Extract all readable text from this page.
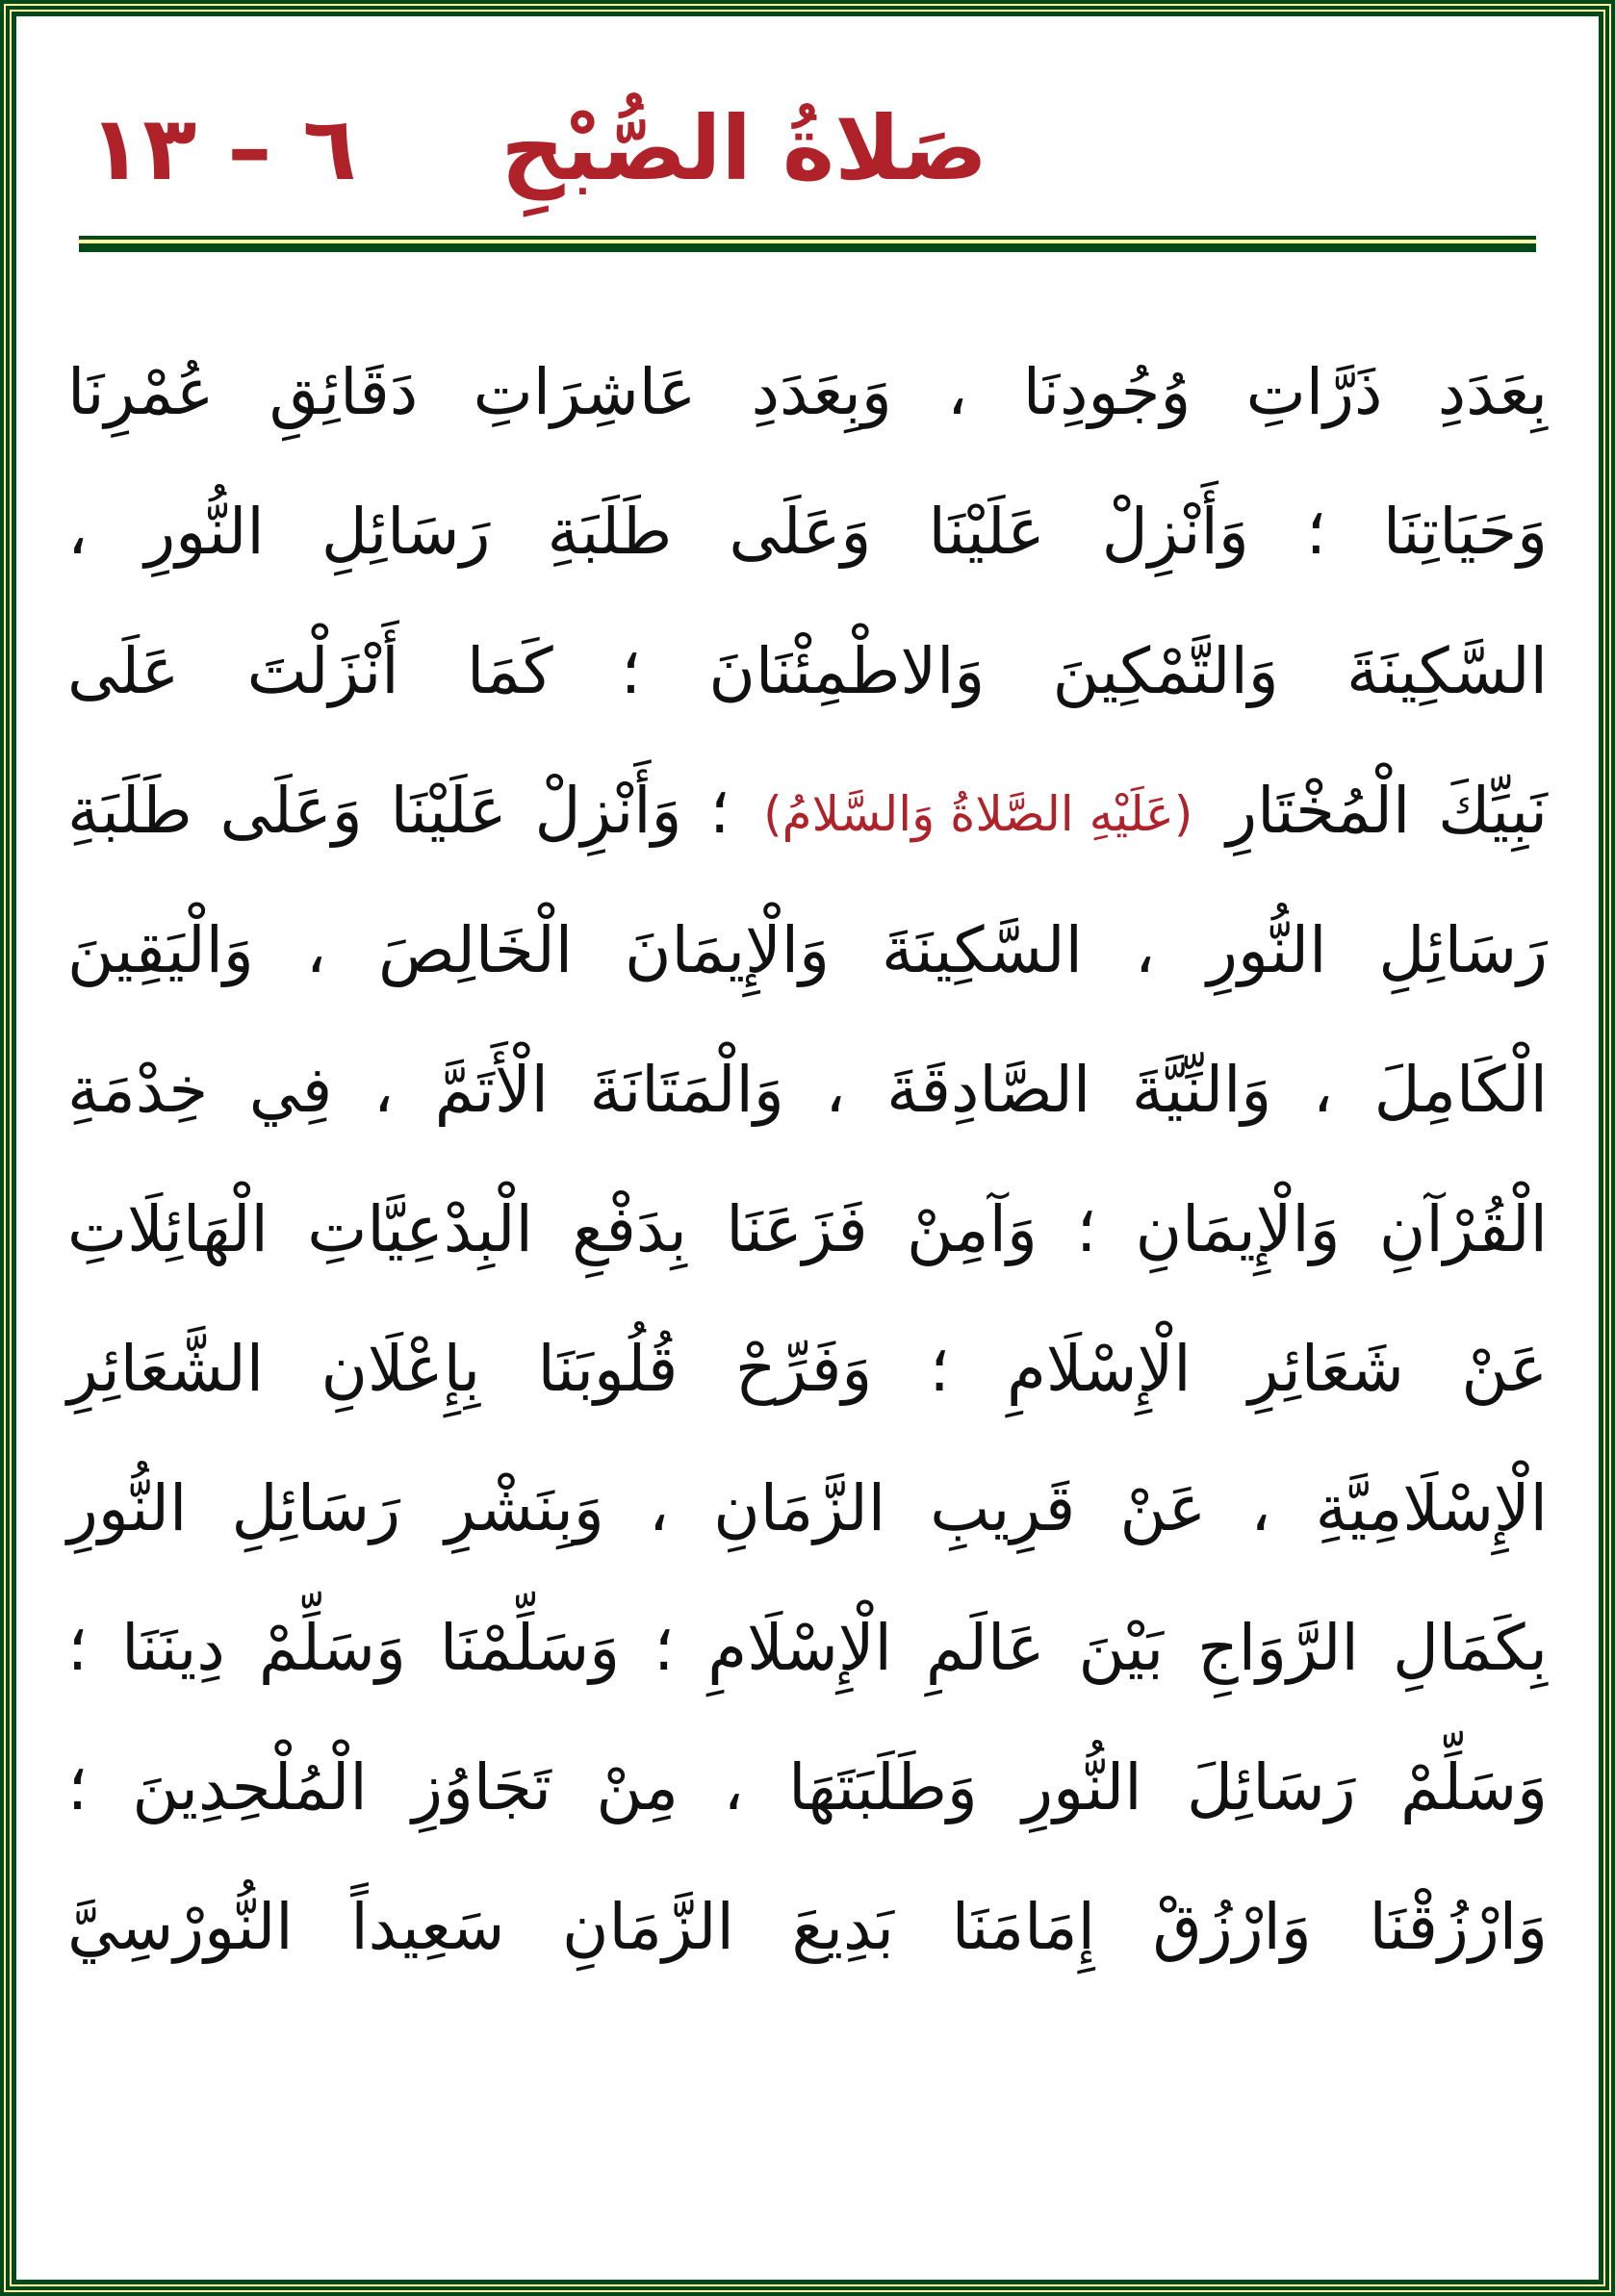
صَلاةُ الصُّبْحِ
٦ – ١٣
بِعَدَدِ ذَرَّاتِ وُجُودِنَا ، وَبِعَدَدِ عَاشِرَاتِ دَقَائِقِ عُمْرِنَا
وَحَيَاتِنَا ؛ وَأَنْزِلْ عَلَيْنَا وَعَلَى طَلَبَةِ رَسَائِلِ النُّورِ ،
السَّكِينَةَ وَالتَّمْكِينَ وَالاطْمِئْنَانَ ؛ كَمَا أَنْزَلْتَ عَلَى
نَبِيِّكَ الْمُخْتَارِ (عَلَيْهِ الصَّلاةُ وَالسَّلامُ) ؛ وَأَنْزِلْ عَلَيْنَا وَعَلَى طَلَبَةِ
رَسَائِلِ النُّورِ ، السَّكِينَةَ وَالْإِيمَانَ الْخَالِصَ ، وَالْيَقِينَ
الْكَامِلَ ، وَالنِّيَّةَ الصَّادِقَةَ ، وَالْمَتَانَةَ الْأَتَمَّ ، فِي خِدْمَةِ
الْقُرْآنِ وَالْإِيمَانِ ؛ وَآمِنْ فَزَعَنَا بِدَفْعِ الْبِدْعِيَّاتِ الْهَائِلَاتِ
عَنْ شَعَائِرِ الْإِسْلَامِ ؛ وَفَرِّحْ قُلُوبَنَا بِإِعْلَانِ الشَّعَائِرِ
الْإِسْلَامِيَّةِ ، عَنْ قَرِيبِ الزَّمَانِ ، وَبِنَشْرِ رَسَائِلِ النُّورِ
بِكَمَالِ الرَّوَاجِ بَيْنَ عَالَمِ الْإِسْلَامِ ؛ وَسَلِّمْنَا وَسَلِّمْ دِينَنَا ؛
وَسَلِّمْ رَسَائِلَ النُّورِ وَطَلَبَتَهَا ، مِنْ تَجَاوُزِ الْمُلْحِدِينَ ؛
وَارْزُقْنَا وَارْزُقْ إِمَامَنَا بَدِيعَ الزَّمَانِ سَعِيداً النُّورْسِيَّ
